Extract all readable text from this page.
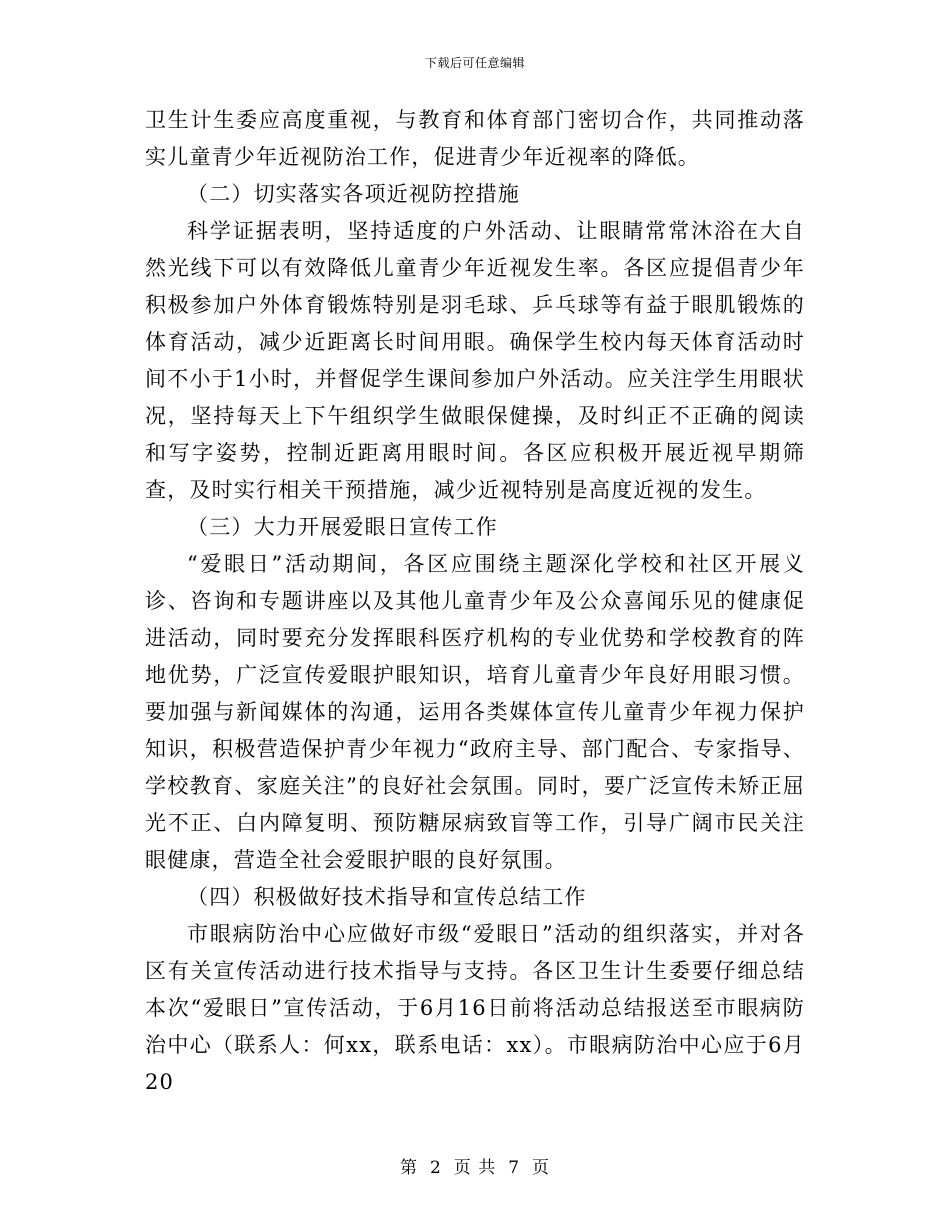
下载后可任意编辑

卫生计生委应高度重视，与教育和体育部门密切合作，共同推动落实儿童青少年近视防治工作，促进青少年近视率的降低。

（二）切实落实各项近视防控措施

科学证据表明，坚持适度的户外活动、让眼睛常常沐浴在大自然光线下可以有效降低儿童青少年近视发生率。各区应提倡青少年积极参加户外体育锻炼特别是羽毛球、乒乓球等有益于眼肌锻炼的体育活动，减少近距离长时间用眼。确保学生校内每天体育活动时间不小于1小时，并督促学生课间参加户外活动。应关注学生用眼状况，坚持每天上下午组织学生做眼保健操，及时纠正不正确的阅读和写字姿势，控制近距离用眼时间。各区应积极开展近视早期筛查，及时实行相关干预措施，减少近视特别是高度近视的发生。

（三）大力开展爱眼日宣传工作

“爱眼日”活动期间，各区应围绕主题深化学校和社区开展义诊、咨询和专题讲座以及其他儿童青少年及公众喜闻乐见的健康促进活动，同时要充分发挥眼科医疗机构的专业优势和学校教育的阵地优势，广泛宣传爱眼护眼知识，培育儿童青少年良好用眼习惯。要加强与新闻媒体的沟通，运用各类媒体宣传儿童青少年视力保护知识，积极营造保护青少年视力“政府主导、部门配合、专家指导、学校教育、家庭关注”的良好社会氛围。同时，要广泛宣传未矫正屈光不正、白内障复明、预防糖尿病致盲等工作，引导广阔市民关注眼健康，营造全社会爱眼护眼的良好氛围。

（四）积极做好技术指导和宣传总结工作

市眼病防治中心应做好市级“爱眼日”活动的组织落实，并对各区有关宣传活动进行技术指导与支持。各区卫生计生委要仔细总结本次“爱眼日”宣传活动，于6月16日前将活动总结报送至市眼病防治中心（联系人：何xx，联系电话：xx）。市眼病防治中心应于6月20

第 2 页 共 7 页
